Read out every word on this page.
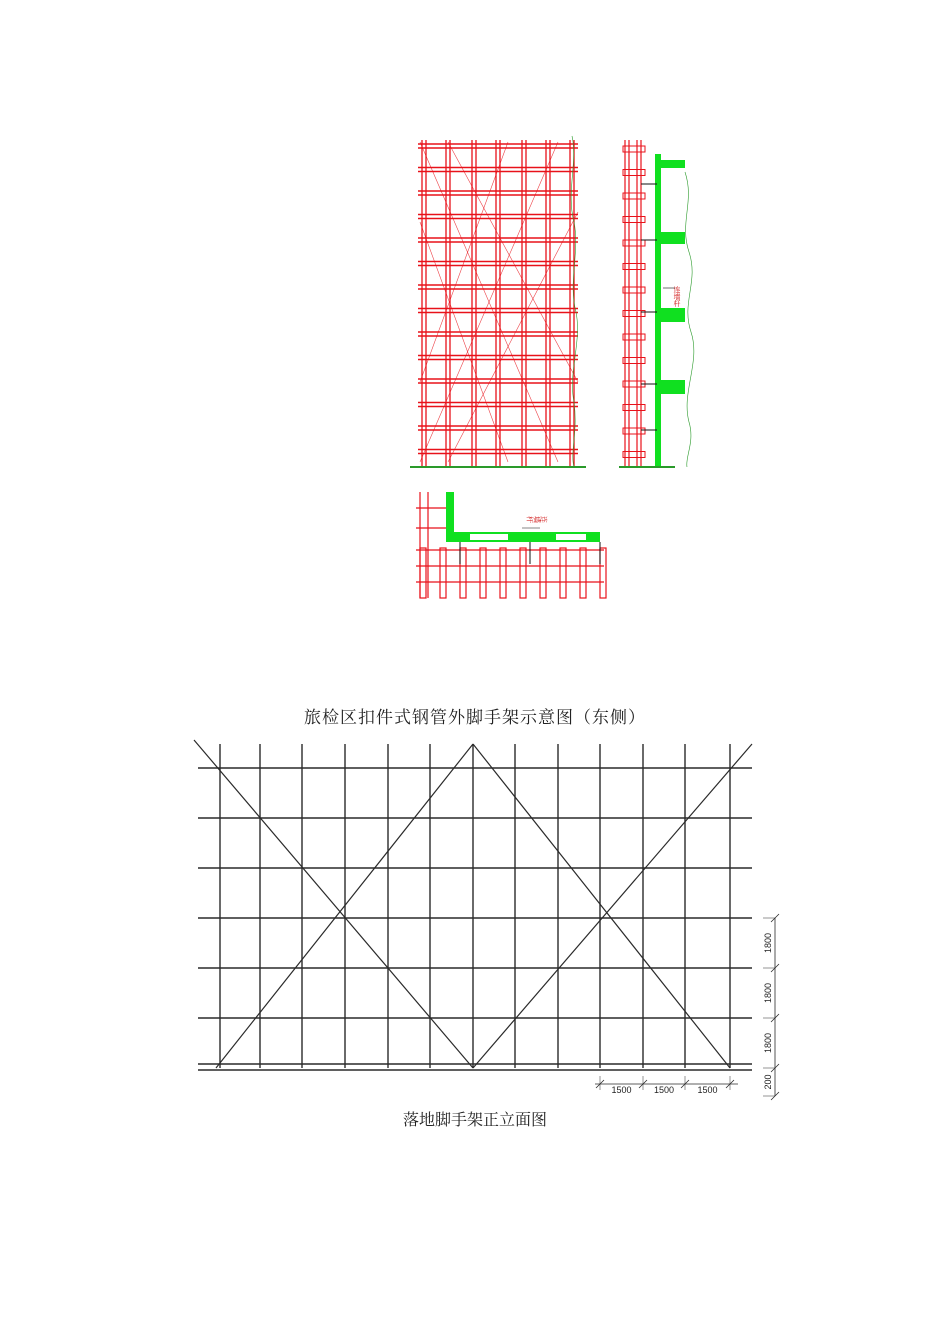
连墙杆
连墙杆
旅检区扣件式钢管外脚手架示意图（东侧）
1800
1800
1800
200
1500 1500	1500
落地脚手架正立面图
